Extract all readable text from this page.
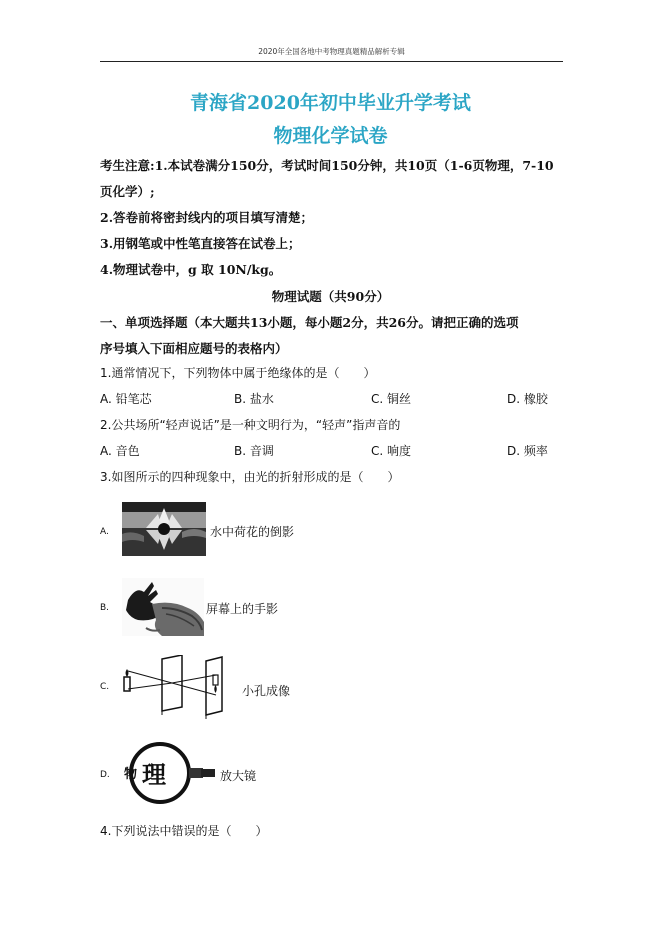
2020年全国各地中考物理真题精品解析专辑
青海省2020年初中毕业升学考试
物理化学试卷
考生注意:1.本试卷满分150分，考试时间150分钟，共10页（1-6页物理，7-10
页化学）;
2.答卷前将密封线内的项目填写清楚；
3.用钢笔或中性笔直接答在试卷上；
4.物理试卷中，g 取 10N/kg。
物理试题（共90分）
一、单项选择题（本大题共13小题，每小题2分，共26分。请把正确的选项
序号填入下面相应题号的表格内）
1.通常情况下，下列物体中属于绝缘体的是（　　）
A. 铅笔芯	B. 盐水	C. 铜丝	D. 橡胶
2.公共场所“轻声说话”是一种文明行为，“轻声”指声音的
A. 音色	B. 音调	C. 响度	D. 频率
3.如图所示的四种现象中，由光的折射形成的是（　　）
A.	水中荷花的倒影
B.	屏幕上的手影
C.	小孔成像
D. 物 理	放大镜
4.下列说法中错误的是（　　）
